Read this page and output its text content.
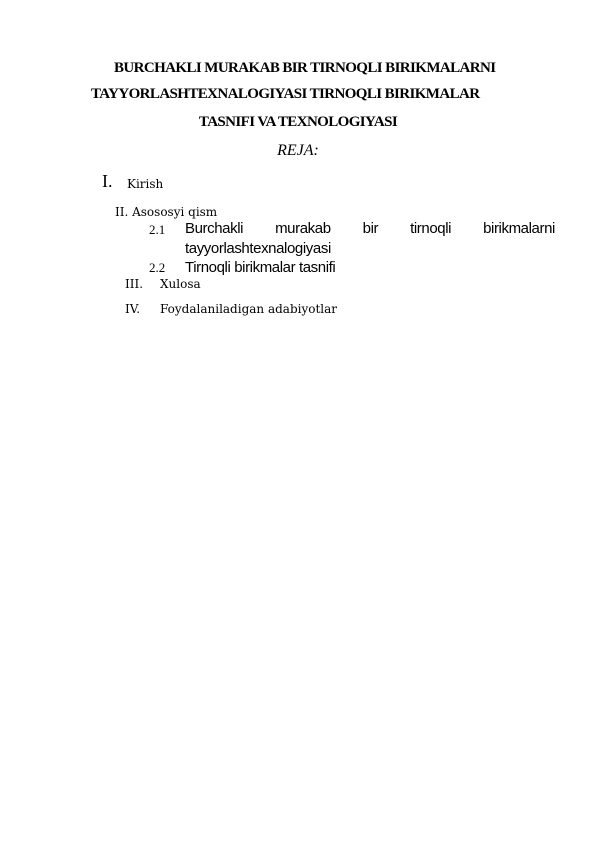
BURCHAKLI MURAKAB BIR TIRNOQLI BIRIKMALARNI
TAYYORLASHTEXNALOGIYASI TIRNOQLI BIRIKMALAR
TASNIFI VA TEXNOLOGIYASI
REJA:
I. Kirish
II. Asososyi qism
2.1 Burchakli murakab bir tirnoqli birikmalarni
tayyorlashtexnalogiyasi
2.2 Tirnoqli birikmalar tasnifi
III. Xulosa
IV. Foydalaniladigan adabiyotlar
